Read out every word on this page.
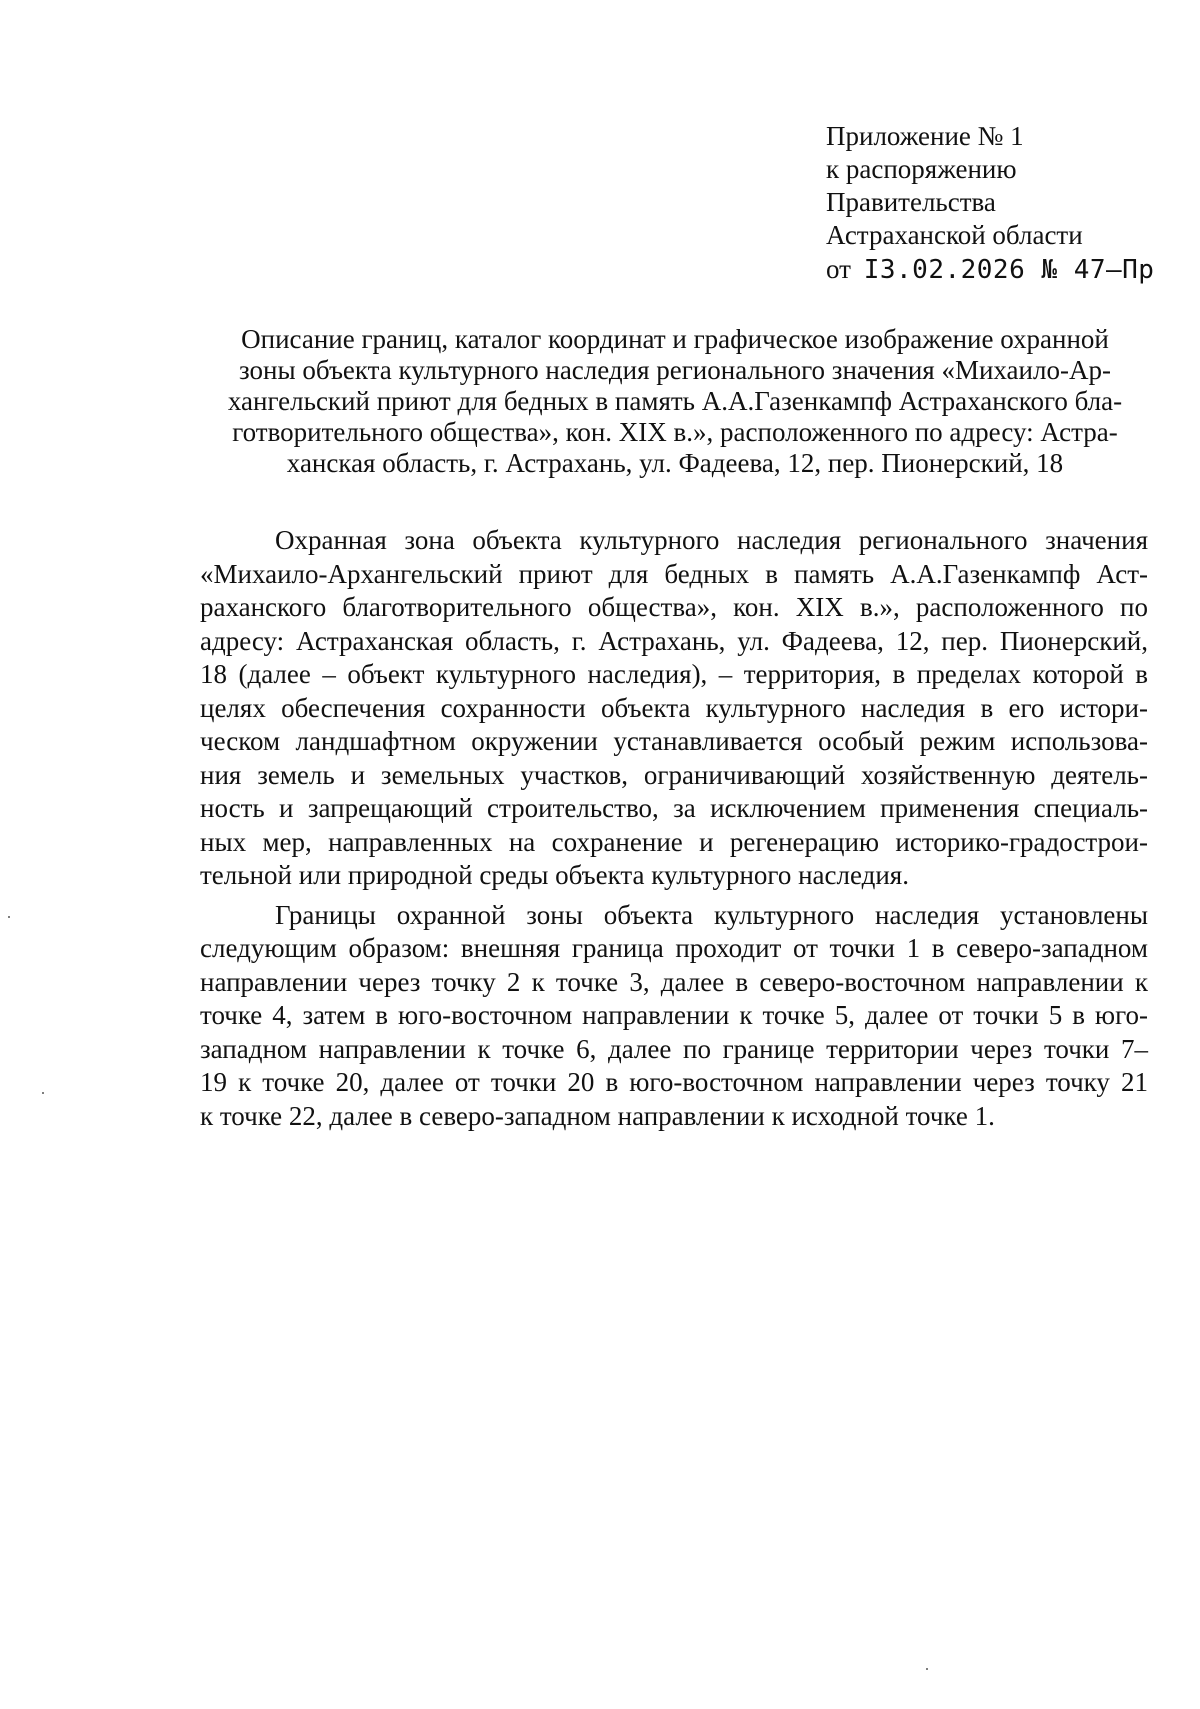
Приложение № 1
к распоряжению
Правительства
Астраханской области
от I3.02.2026 № 47–Пр
Описание границ, каталог координат и графическое изображение охранной
зоны объекта культурного наследия регионального значения «Михаило-Ар-
хангельский приют для бедных в память А.А.Газенкампф Астраханского бла-
готворительного общества», кон. XIX в.», расположенного по адресу: Астра-
ханская область, г. Астрахань, ул. Фадеева, 12, пер. Пионерский, 18
Охранная зона объекта культурного наследия регионального значения
«Михаило-Архангельский приют для бедных в память А.А.Газенкампф Аст-
раханского благотворительного общества», кон. XIX в.», расположенного по
адресу: Астраханская область, г. Астрахань, ул. Фадеева, 12, пер. Пионерский,
18 (далее – объект культурного наследия), – территория, в пределах которой в
целях обеспечения сохранности объекта культурного наследия в его истори-
ческом ландшафтном окружении устанавливается особый режим использова-
ния земель и земельных участков, ограничивающий хозяйственную деятель-
ность и запрещающий строительство, за исключением применения специаль-
ных мер, направленных на сохранение и регенерацию историко-градострои-
тельной или природной среды объекта культурного наследия.
Границы охранной зоны объекта культурного наследия установлены
следующим образом: внешняя граница проходит от точки 1 в северо-западном
направлении через точку 2 к точке 3, далее в северо-восточном направлении к
точке 4, затем в юго-восточном направлении к точке 5, далее от точки 5 в юго-
западном направлении к точке 6, далее по границе территории через точки 7–
19 к точке 20, далее от точки 20 в юго-восточном направлении через точку 21
к точке 22, далее в северо-западном направлении к исходной точке 1.
